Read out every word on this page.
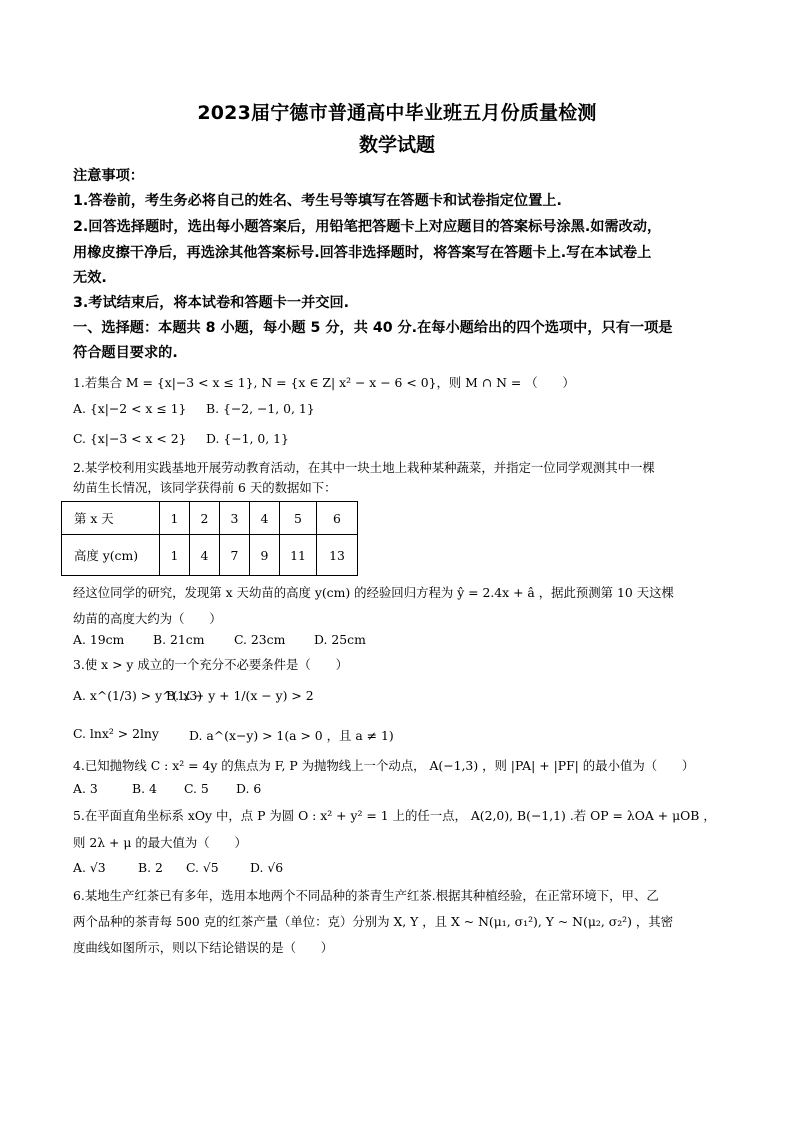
2023届宁德市普通高中毕业班五月份质量检测
数学试题
注意事项：
1.答卷前，考生务必将自己的姓名、考生号等填写在答题卡和试卷指定位置上.
2.回答选择题时，选出每小题答案后，用铅笔把答题卡上对应题目的答案标号涂黑.如需改动，
用橡皮擦干净后，再选涂其他答案标号.回答非选择题时，将答案写在答题卡上.写在本试卷上
无效.
3.考试结束后，将本试卷和答题卡一并交回.
一、选择题：本题共 8 小题，每小题 5 分，共 40 分.在每小题给出的四个选项中，只有一项是
符合题目要求的.
1.若集合 M = {x|−3 < x ≤ 1}, N = {x ∈ Z| x² − x − 6 < 0}，则 M ∩ N = （　　）
A. {x|−2 < x ≤ 1} B. {−2, −1, 0, 1}
C. {x|−3 < x < 2} D. {−1, 0, 1}
2.某学校利用实践基地开展劳动教育活动，在其中一块土地上栽种某种蔬菜，并指定一位同学观测其中一棵
幼苗生长情况，该同学获得前 6 天的数据如下：
第 x 天	1	2	3	4	5	6
高度 y(cm)	1	4	7	9	11	13
经这位同学的研究，发现第 x 天幼苗的高度 y(cm) 的经验回归方程为 ŷ = 2.4x + â ，据此预测第 10 天这棵
幼苗的高度大约为（　　）
A. 19cm B. 21cm C. 23cm D. 25cm
3.使 x > y 成立的一个充分不必要条件是（　　）
A. x^(1/3) > y^(1/3)
B. x − y + 1/(x − y) > 2
C. lnx² > 2lny D. a^(x−y) > 1(a > 0 ，且 a ≠ 1)
4.已知抛物线 C : x² = 4y 的焦点为 F, P 为抛物线上一个动点， A(−1,3) ，则 |PA| + |PF| 的最小值为（　　）
A. 3	B. 4 C. 5 D. 6
5.在平面直角坐标系 xOy 中，点 P 为圆 O : x² + y² = 1 上的任一点， A(2,0), B(−1,1) .若 OP = λOA + μOB ，
则 2λ + μ 的最大值为（　　）
A. √3	B. 2 C. √5	D. √6
6.某地生产红茶已有多年，选用本地两个不同品种的茶青生产红茶.根据其种植经验，在正常环境下，甲、乙
两个品种的茶青每 500 克的红茶产量（单位：克）分别为 X, Y ，且 X ~ N(μ₁, σ₁²), Y ~ N(μ₂, σ₂²) ，其密
度曲线如图所示，则以下结论错误的是（　　）
